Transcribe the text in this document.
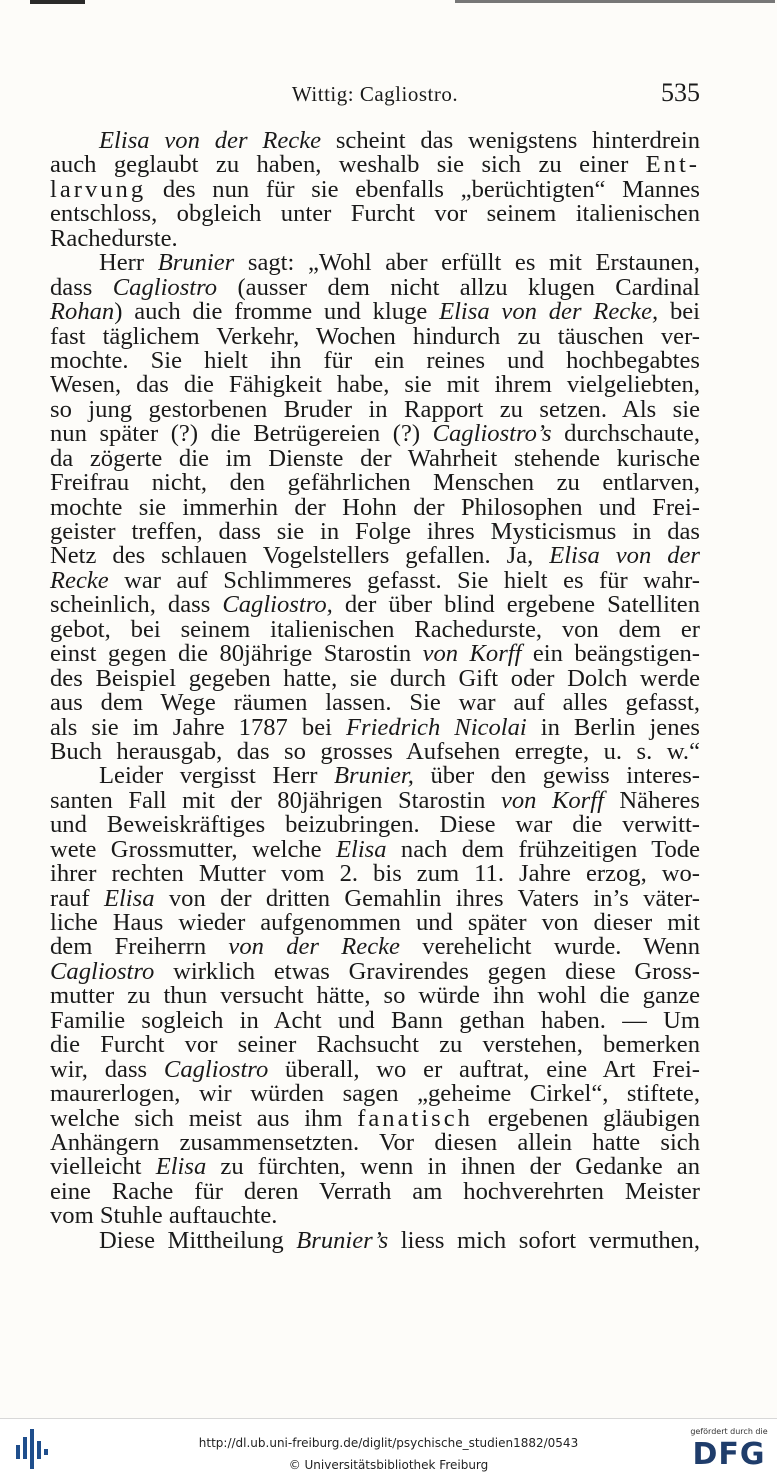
Wittig: Cagliostro.	535
Elisa von der Recke scheint das wenigstens hinterdrein
auch geglaubt zu haben, weshalb sie sich zu einer Ent-
larvung des nun für sie ebenfalls „berüchtigten“ Mannes
entschloss, obgleich unter Furcht vor seinem italienischen
Rachedurste.
Herr Brunier sagt: „Wohl aber erfüllt es mit Erstaunen,
dass Cagliostro (ausser dem nicht allzu klugen Cardinal
Rohan) auch die fromme und kluge Elisa von der Recke, bei
fast täglichem Verkehr, Wochen hindurch zu täuschen ver-
mochte. Sie hielt ihn für ein reines und hochbegabtes
Wesen, das die Fähigkeit habe, sie mit ihrem vielgeliebten,
so jung gestorbenen Bruder in Rapport zu setzen. Als sie
nun später (?) die Betrügereien (?) Cagliostro’s durchschaute,
da zögerte die im Dienste der Wahrheit stehende kurische
Freifrau nicht, den gefährlichen Menschen zu entlarven,
mochte sie immerhin der Hohn der Philosophen und Frei-
geister treffen, dass sie in Folge ihres Mysticismus in das
Netz des schlauen Vogelstellers gefallen. Ja, Elisa von der
Recke war auf Schlimmeres gefasst. Sie hielt es für wahr-
scheinlich, dass Cagliostro, der über blind ergebene Satelliten
gebot, bei seinem italienischen Rachedurste, von dem er
einst gegen die 80jährige Starostin von Korff ein beängstigen-
des Beispiel gegeben hatte, sie durch Gift oder Dolch werde
aus dem Wege räumen lassen. Sie war auf alles gefasst,
als sie im Jahre 1787 bei Friedrich Nicolai in Berlin jenes
Buch herausgab, das so grosses Aufsehen erregte, u. s. w.“
Leider vergisst Herr Brunier, über den gewiss interes-
santen Fall mit der 80jährigen Starostin von Korff Näheres
und Beweiskräftiges beizubringen. Diese war die verwitt-
wete Grossmutter, welche Elisa nach dem frühzeitigen Tode
ihrer rechten Mutter vom 2. bis zum 11. Jahre erzog, wo-
rauf Elisa von der dritten Gemahlin ihres Vaters in’s väter-
liche Haus wieder aufgenommen und später von dieser mit
dem Freiherrn von der Recke verehelicht wurde. Wenn
Cagliostro wirklich etwas Gravirendes gegen diese Gross-
mutter zu thun versucht hätte, so würde ihn wohl die ganze
Familie sogleich in Acht und Bann gethan haben. — Um
die Furcht vor seiner Rachsucht zu verstehen, bemerken
wir, dass Cagliostro überall, wo er auftrat, eine Art Frei-
maurerlogen, wir würden sagen „geheime Cirkel“, stiftete,
welche sich meist aus ihm fanatisch ergebenen gläubigen
Anhängern zusammensetzten. Vor diesen allein hatte sich
vielleicht Elisa zu fürchten, wenn in ihnen der Gedanke an
eine Rache für deren Verrath am hochverehrten Meister
vom Stuhle auftauchte.
Diese Mittheilung Brunier’s liess mich sofort vermuthen,
http://dl.ub.uni-freiburg.de/diglit/psychische_studien1882/0543
© Universitätsbibliothek Freiburg
gefördert durch die
DFG
